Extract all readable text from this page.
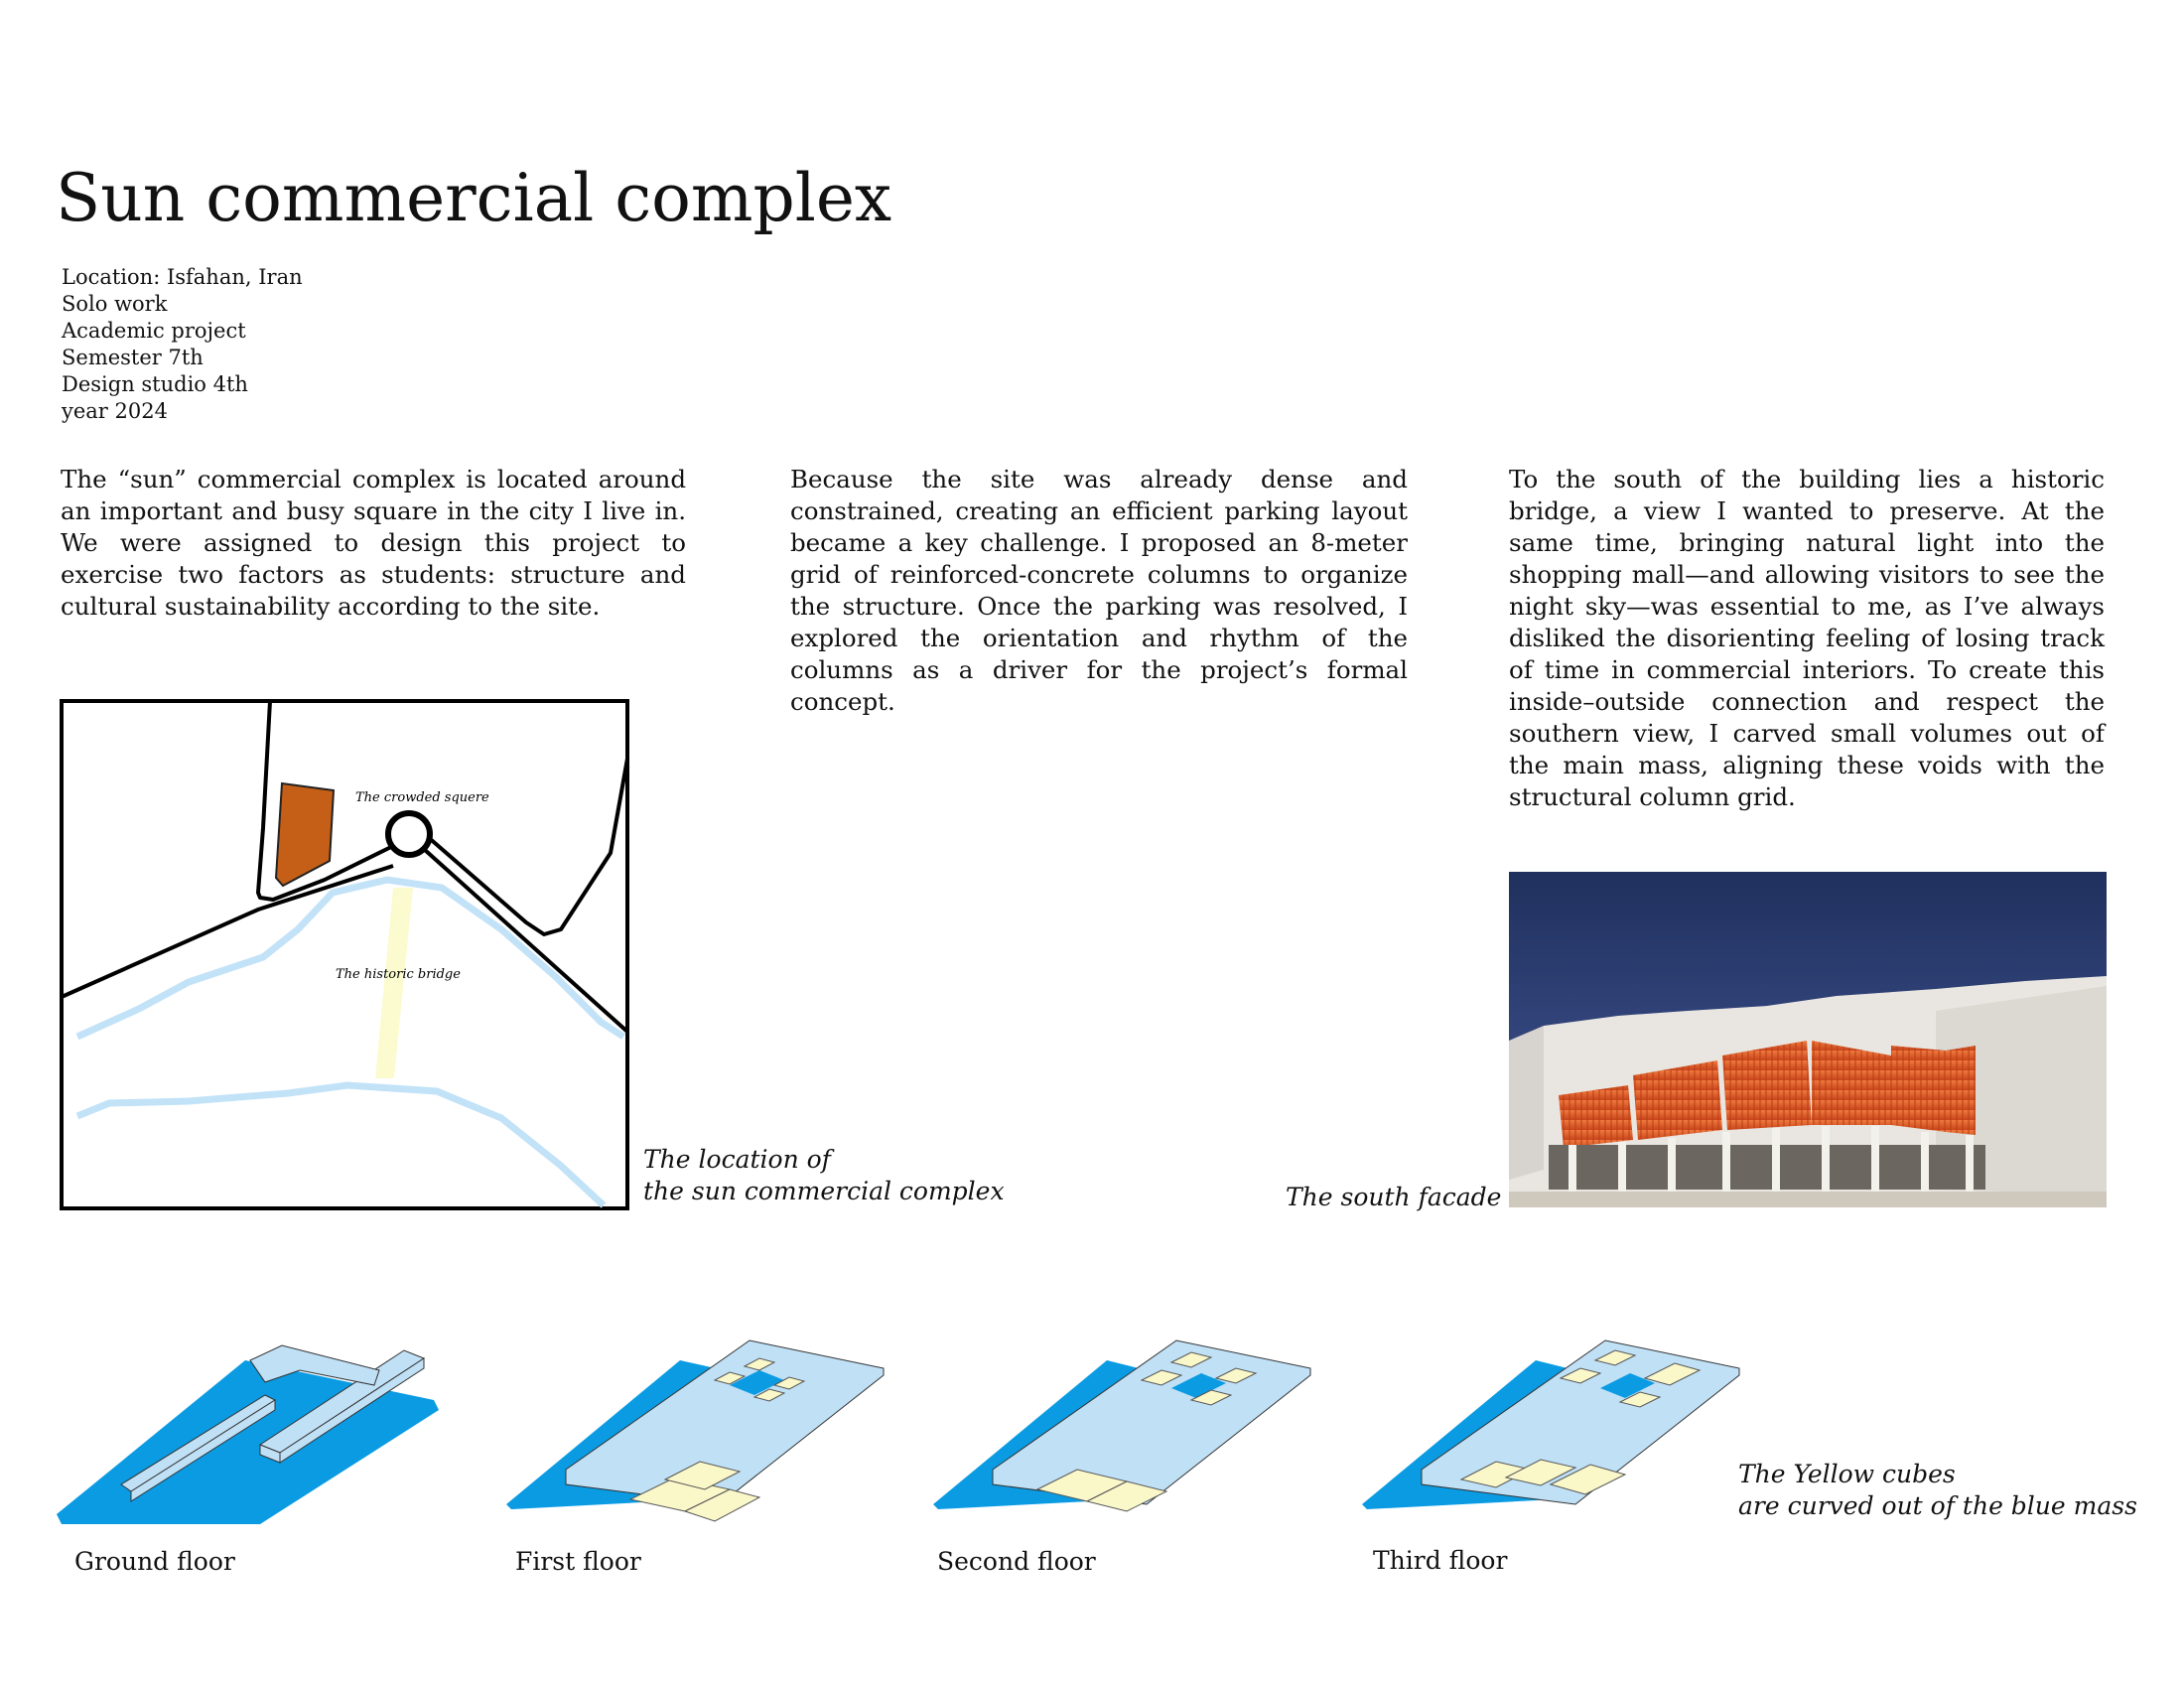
Sun commercial complex
Location: Isfahan, Iran
Solo work
Academic project
Semester 7th
Design studio 4th
year 2024

The “sun” commercial complex is located around an important and busy square in the city I live in. We were assigned to design this project to exercise two factors as students: structure and cultural sustainability according to the site.

Because the site was already dense and constrained, creating an efficient parking layout became a key challenge. I proposed an 8-meter grid of reinforced-concrete columns to organize the structure. Once the parking was resolved, I explored the orientation and rhythm of the columns as a driver for the project’s formal concept.

To the south of the building lies a historic bridge, a view I wanted to preserve. At the same time, bringing natural light into the shopping mall—and allowing visitors to see the night sky—was essential to me, as I’ve always disliked the disorienting feeling of losing track of time in commercial interiors. To create this inside–outside connection and respect the southern view, I carved small volumes out of the main mass, aligning these voids with the structural column grid.

The crowded squere
The historic bridge
The location of
the sun commercial complex	The south facade
Ground floor	First floor	Second floor	Third floor
The Yellow cubes
are curved out of the blue mass
